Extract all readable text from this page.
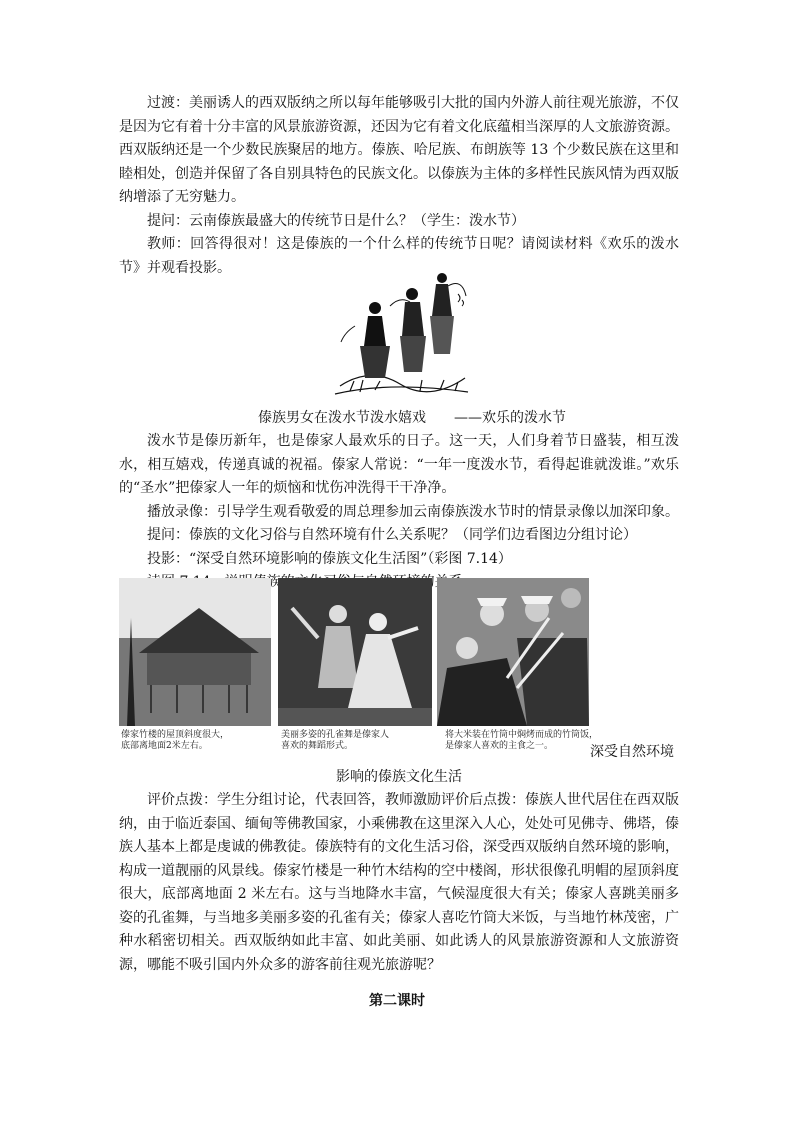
过渡：美丽诱人的西双版纳之所以每年能够吸引大批的国内外游人前往观光旅游，不仅是因为它有着十分丰富的风景旅游资源，还因为它有着文化底蕴相当深厚的人文旅游资源。西双版纳还是一个少数民族聚居的地方。傣族、哈尼族、布朗族等 13 个少数民族在这里和睦相处，创造并保留了各自别具特色的民族文化。以傣族为主体的多样性民族风情为西双版纳增添了无穷魅力。

提问：云南傣族最盛大的传统节日是什么？（学生：泼水节）

教师：回答得很对！这是傣族的一个什么样的传统节日呢？请阅读材料《欢乐的泼水节》并观看投影。

傣族男女在泼水节泼水嬉戏　　——欢乐的泼水节

泼水节是傣历新年，也是傣家人最欢乐的日子。这一天，人们身着节日盛装，相互泼水，相互嬉戏，传递真诚的祝福。傣家人常说：“一年一度泼水节，看得起谁就泼谁。”欢乐的“圣水”把傣家人一年的烦恼和忧伤冲洗得干干净净。

播放录像：引导学生观看敬爱的周总理参加云南傣族泼水节时的情景录像以加深印象。

提问：傣族的文化习俗与自然环境有什么关系呢？（同学们边看图边分组讨论）

投影：“深受自然环境影响的傣族文化生活图”（彩图 7.14）

傣家竹楼的屋顶斜度很大，
底部离地面2米左右。
美丽多姿的孔雀舞是傣家人
喜欢的舞蹈形式。
将大米装在竹筒中焖烤而成的竹筒饭，
是傣家人喜欢的主食之一。	深受自然环境
影响的傣族文化生活

评价点拨：学生分组讨论，代表回答，教师激励评价后点拨：傣族人世代居住在西双版纳，由于临近泰国、缅甸等佛教国家，小乘佛教在这里深入人心，处处可见佛寺、佛塔，傣族人基本上都是虔诚的佛教徒。傣族特有的文化生活习俗，深受西双版纳自然环境的影响，构成一道靓丽的风景线。傣家竹楼是一种竹木结构的空中楼阁，形状很像孔明帽的屋顶斜度很大，底部离地面 2 米左右。这与当地降水丰富，气候湿度很大有关；傣家人喜跳美丽多姿的孔雀舞，与当地多美丽多姿的孔雀有关；傣家人喜吃竹筒大米饭，与当地竹林茂密，广种水稻密切相关。西双版纳如此丰富、如此美丽、如此诱人的风景旅游资源和人文旅游资源，哪能不吸引国内外众多的游客前往观光旅游呢？

第二课时
